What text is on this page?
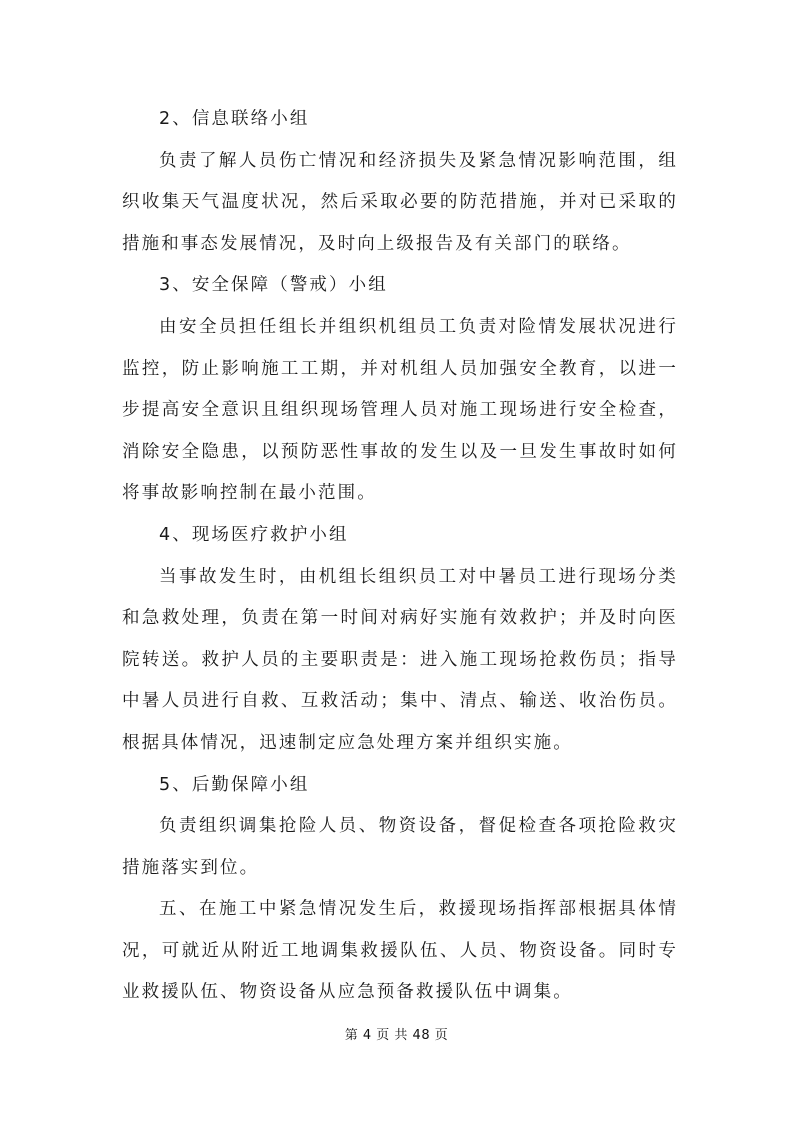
2、信息联络小组

负责了解人员伤亡情况和经济损失及紧急情况影响范围，组织收集天气温度状况，然后采取必要的防范措施，并对已采取的措施和事态发展情况，及时向上级报告及有关部门的联络。

3、安全保障（警戒）小组

由安全员担任组长并组织机组员工负责对险情发展状况进行监控，防止影响施工工期，并对机组人员加强安全教育，以进一步提高安全意识且组织现场管理人员对施工现场进行安全检查，消除安全隐患，以预防恶性事故的发生以及一旦发生事故时如何将事故影响控制在最小范围。

4、现场医疗救护小组

当事故发生时，由机组长组织员工对中暑员工进行现场分类和急救处理，负责在第一时间对病好实施有效救护；并及时向医院转送。救护人员的主要职责是：进入施工现场抢救伤员；指导中暑人员进行自救、互救活动；集中、清点、输送、收治伤员。根据具体情况，迅速制定应急处理方案并组织实施。

5、后勤保障小组

负责组织调集抢险人员、物资设备，督促检查各项抢险救灾措施落实到位。

五、在施工中紧急情况发生后，救援现场指挥部根据具体情况，可就近从附近工地调集救援队伍、人员、物资设备。同时专业救援队伍、物资设备从应急预备救援队伍中调集。

第 4 页 共 48 页
